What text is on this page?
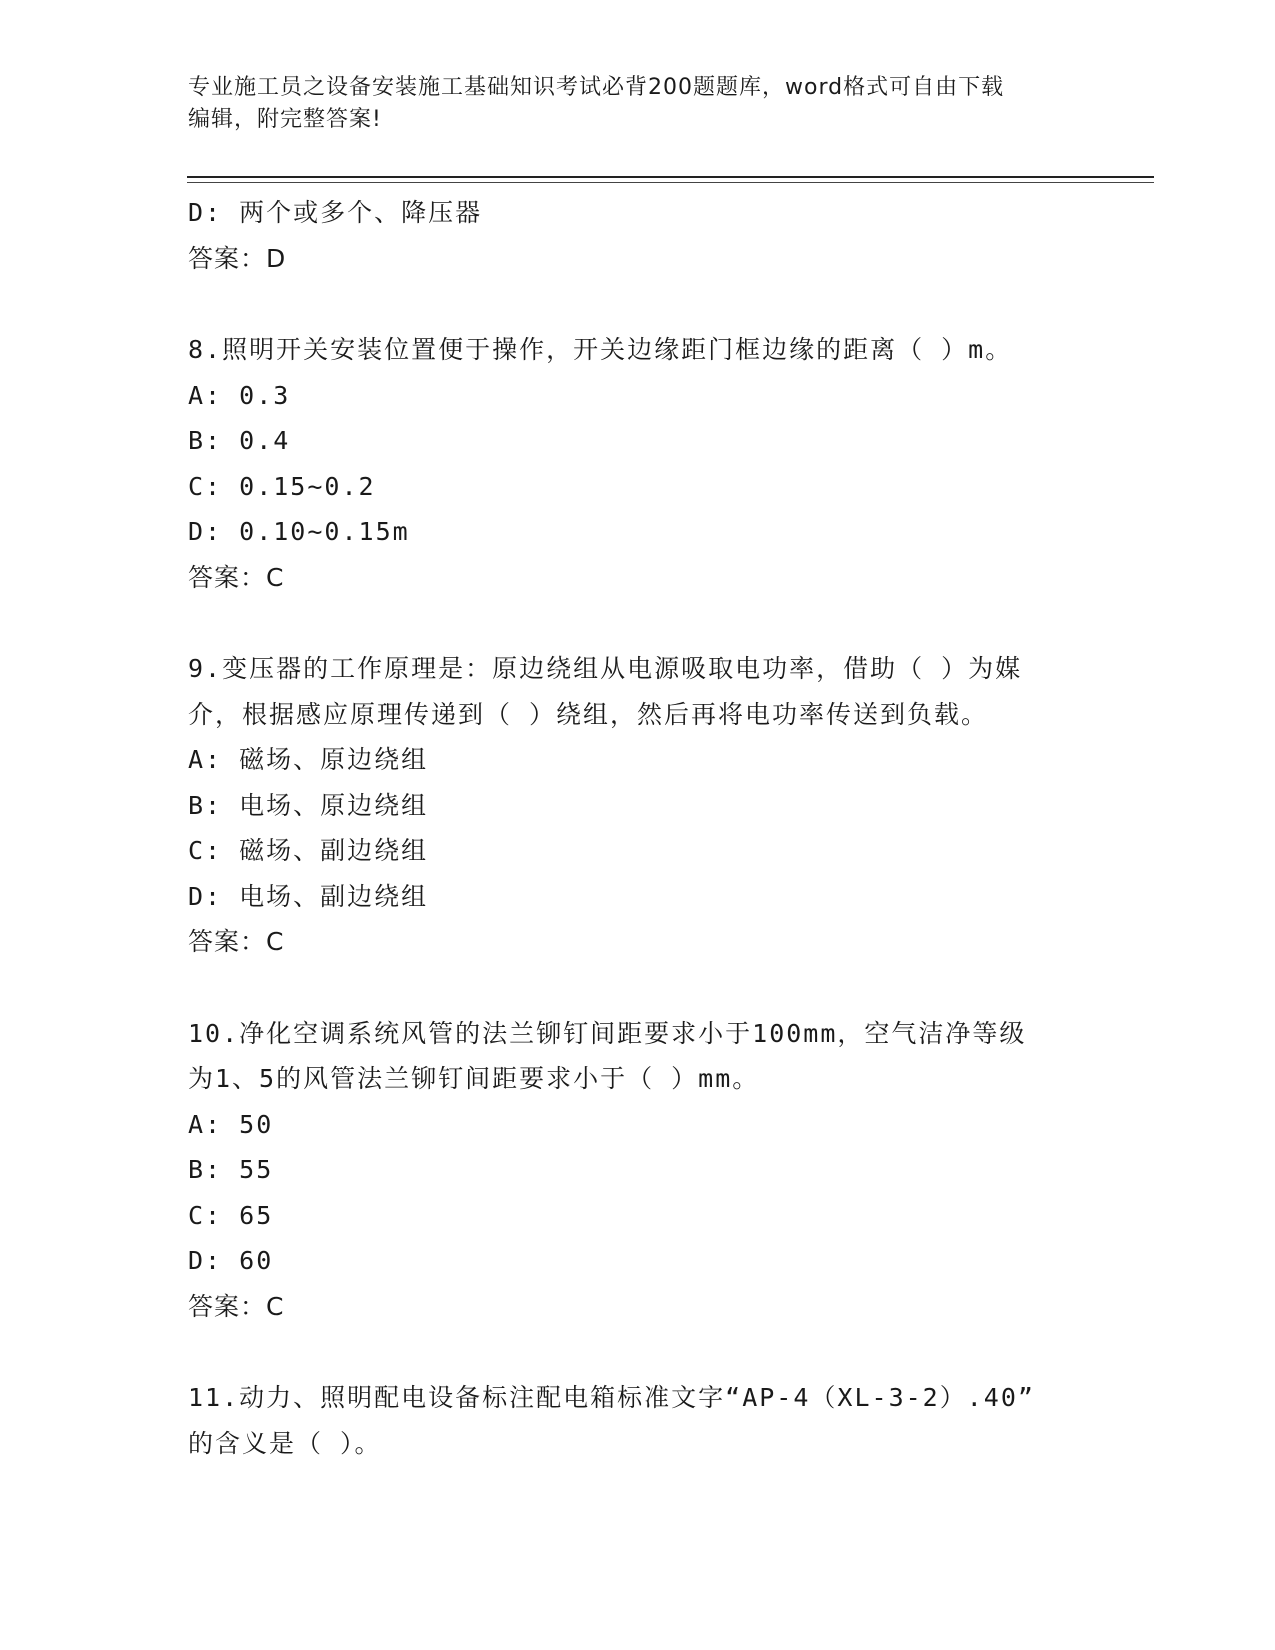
专业施工员之设备安装施工基础知识考试必背200题题库，word格式可自由下载
编辑，附完整答案!
D: 两个或多个、降压器
答案：D
8.照明开关安装位置便于操作，开关边缘距门框边缘的距离（ ）m。
A: 0.3
B: 0.4
C: 0.15~0.2
D: 0.10~0.15m
答案：C
9.变压器的工作原理是：原边绕组从电源吸取电功率，借助（ ）为媒
介，根据感应原理传递到（ ）绕组，然后再将电功率传送到负载。
A: 磁场、原边绕组
B: 电场、原边绕组
C: 磁场、副边绕组
D: 电场、副边绕组
答案：C
10.净化空调系统风管的法兰铆钉间距要求小于100mm，空气洁净等级
为1、5的风管法兰铆钉间距要求小于（ ）mm。
A: 50
B: 55
C: 65
D: 60
答案：C
11.动力、照明配电设备标注配电箱标准文字“AP-4（XL-3-2）.40”
的含义是（ ）。
